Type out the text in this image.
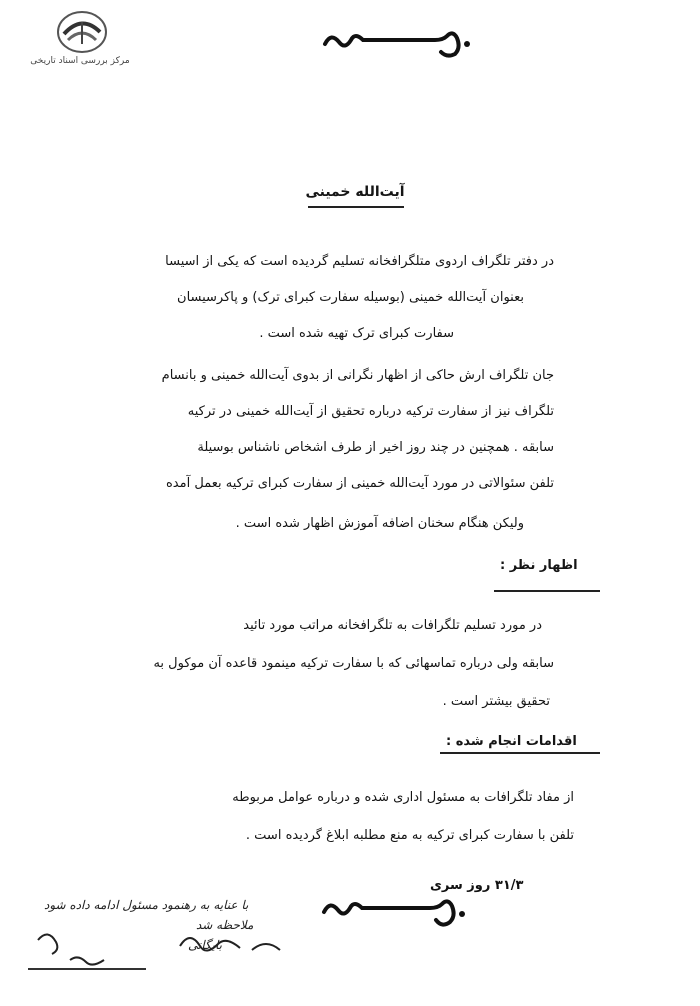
مرکز بررسی اسناد تاریخی
آیت‌الله خمینی
در دفتر تلگراف اردوی متلگرافخانه تسلیم گردیده است که یکی از اسیسا
بعنوان آیت‌الله خمینی (بوسیله سفارت کبرای ترک) و پاکرسیسان
سفارت کبرای ترک تهیه شده است .
جان تلگراف ارش حاکی از اظهار نگرانی از بدوی آیت‌الله خمینی و بانسام
تلگراف نیز از سفارت ترکیه درباره تحقیق از آیت‌الله خمینی در ترکیه
سابقه . همچنین در چند روز اخیر از طرف اشخاص ناشناس بوسیلة
تلفن سئوالاتی در مورد آیت‌الله خمینی از سفارت کبرای ترکیه بعمل آمده
ولیکن هنگام سخنان اضافه آموزش اظهار شده است .
اظهار نظر :
در مورد تسلیم تلگرافات به تلگرافخانه مراتب مورد تائید
سابقه ولی درباره تماسهائی که با سفارت ترکیه مینمود قاعده آن موکول به
تحقیق بیشتر است .
اقدامات انجام شده :
از مفاد تلگرافات به مسئول اداری شده و درباره عوامل مربوطه
تلفن با سفارت کبرای ترکیه به منع مطلبه ابلاغ گردیده است .
۳۱/۳ روز سری
با عنایه به رهنمود مسئول ادامه داده شود
ملاحظه شد
بایگانی
